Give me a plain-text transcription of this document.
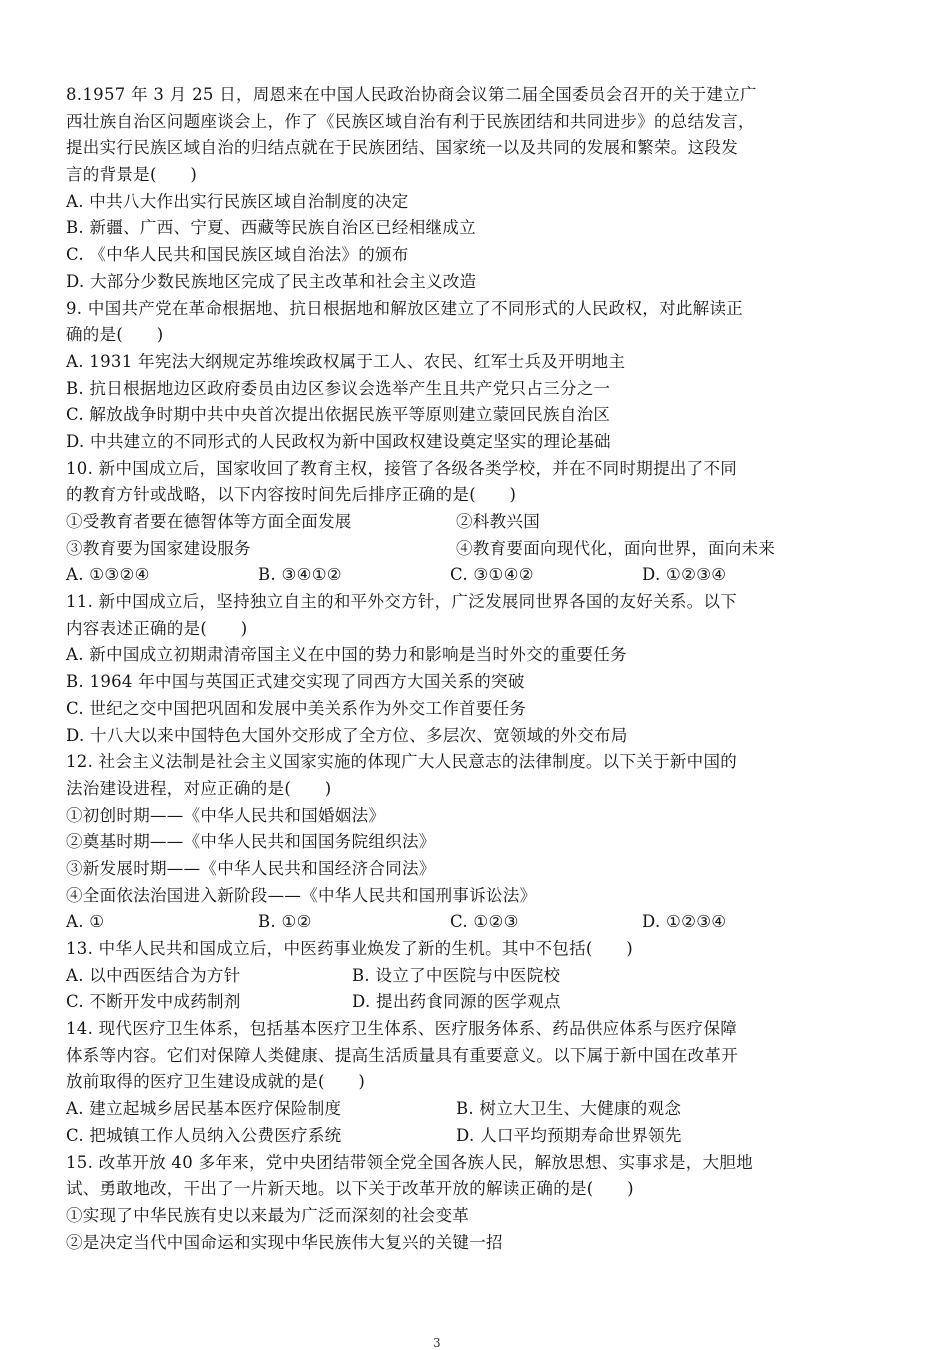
8.1957 年 3 月 25 日，周恩来在中国人民政治协商会议第二届全国委员会召开的关于建立广
西壮族自治区问题座谈会上，作了《民族区域自治有利于民族团结和共同进步》的总结发言，
提出实行民族区域自治的归结点就在于民族团结、国家统一以及共同的发展和繁荣。这段发
言的背景是(　　)
A. 中共八大作出实行民族区域自治制度的决定
B. 新疆、广西、宁夏、西藏等民族自治区已经相继成立
C. 《中华人民共和国民族区域自治法》的颁布
D. 大部分少数民族地区完成了民主改革和社会主义改造
9. 中国共产党在革命根据地、抗日根据地和解放区建立了不同形式的人民政权，对此解读正
确的是(　　)
A. 1931 年宪法大纲规定苏维埃政权属于工人、农民、红军士兵及开明地主
B. 抗日根据地边区政府委员由边区参议会选举产生且共产党只占三分之一
C. 解放战争时期中共中央首次提出依据民族平等原则建立蒙回民族自治区
D. 中共建立的不同形式的人民政权为新中国政权建设奠定坚实的理论基础
10. 新中国成立后，国家收回了教育主权，接管了各级各类学校，并在不同时期提出了不同
的教育方针或战略，以下内容按时间先后排序正确的是(　　)
①受教育者要在德智体等方面全面发展	②科教兴国
③教育要为国家建设服务	④教育要面向现代化，面向世界，面向未来
A. ①③②④	B. ③④①②	C. ③①④②	D. ①②③④
11. 新中国成立后，坚持独立自主的和平外交方针，广泛发展同世界各国的友好关系。以下
内容表述正确的是(　　)
A. 新中国成立初期肃清帝国主义在中国的势力和影响是当时外交的重要任务
B. 1964 年中国与英国正式建交实现了同西方大国关系的突破
C. 世纪之交中国把巩固和发展中美关系作为外交工作首要任务
D. 十八大以来中国特色大国外交形成了全方位、多层次、宽领域的外交布局
12. 社会主义法制是社会主义国家实施的体现广大人民意志的法律制度。以下关于新中国的
法治建设进程，对应正确的是(　　)
①初创时期——《中华人民共和国婚姻法》
②奠基时期——《中华人民共和国国务院组织法》
③新发展时期——《中华人民共和国经济合同法》
④全面依法治国进入新阶段——《中华人民共和国刑事诉讼法》
A. ①	B. ①②	C. ①②③	D. ①②③④
13. 中华人民共和国成立后，中医药事业焕发了新的生机。其中不包括(　　)
A. 以中西医结合为方针	B. 设立了中医院与中医院校
C. 不断开发中成药制剂	D. 提出药食同源的医学观点
14. 现代医疗卫生体系，包括基本医疗卫生体系、医疗服务体系、药品供应体系与医疗保障
体系等内容。它们对保障人类健康、提高生活质量具有重要意义。以下属于新中国在改革开
放前取得的医疗卫生建设成就的是(　　)
A. 建立起城乡居民基本医疗保险制度	B. 树立大卫生、大健康的观念
C. 把城镇工作人员纳入公费医疗系统	D. 人口平均预期寿命世界领先
15. 改革开放 40 多年来，党中央团结带领全党全国各族人民，解放思想、实事求是，大胆地
试、勇敢地改，干出了一片新天地。以下关于改革开放的解读正确的是(　　)
①实现了中华民族有史以来最为广泛而深刻的社会变革
②是决定当代中国命运和实现中华民族伟大复兴的关键一招
3
